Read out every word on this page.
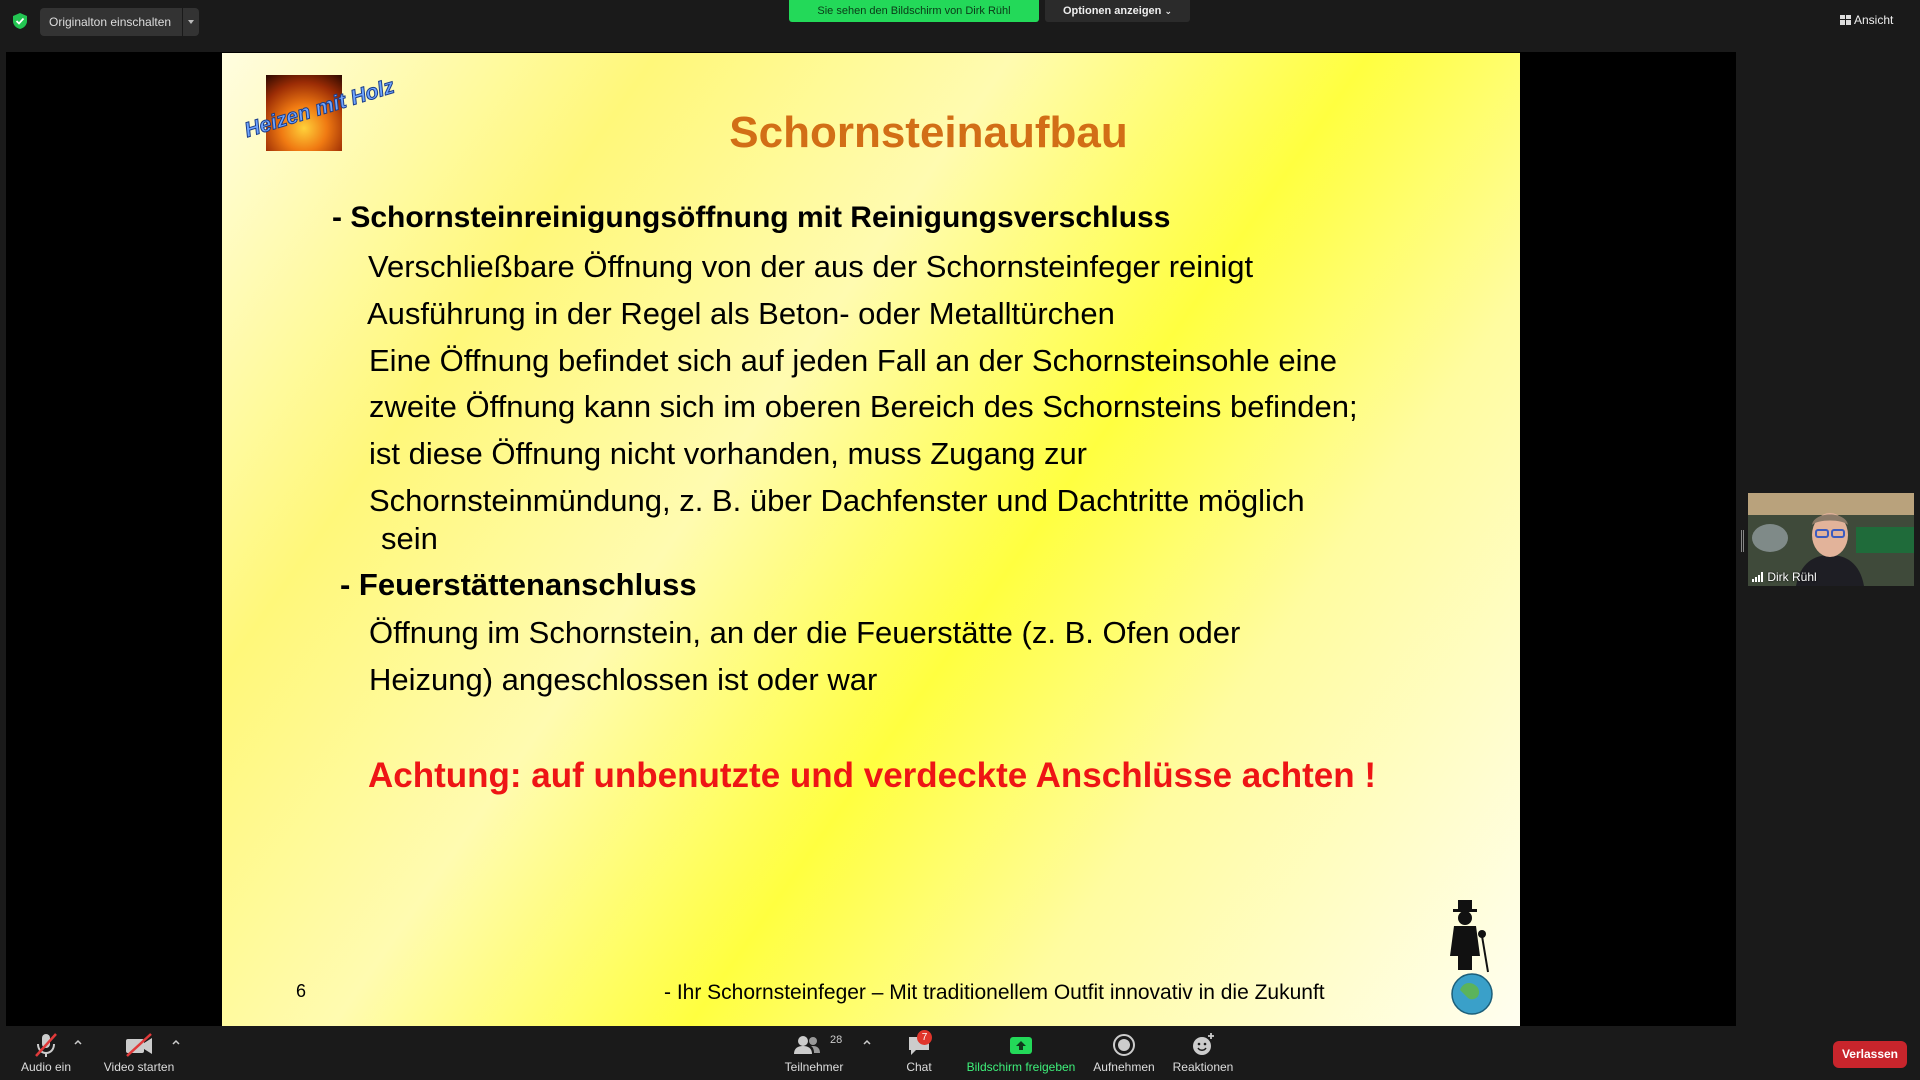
Originalton einschalten
Sie sehen den Bildschirm von Dirk Rühl	Optionen anzeigen ⌄
Ansicht
Heizen mit Holz	Schornsteinaufbau
- Schornsteinreinigungsöffnung mit Reinigungsverschluss
Verschließbare Öffnung von der aus der Schornsteinfeger reinigt
Ausführung in der Regel als Beton- oder Metalltürchen
Eine Öffnung befindet sich auf jeden Fall an der Schornsteinsohle eine
zweite Öffnung kann sich im oberen Bereich des Schornsteins befinden;
ist diese Öffnung nicht vorhanden, muss Zugang zur
Schornsteinmündung, z. B. über Dachfenster und Dachtritte möglich
sein
- Feuerstättenanschluss
Öffnung im Schornstein, an der die Feuerstätte (z. B. Ofen oder
Heizung) angeschlossen ist oder war
Achtung: auf unbenutzte und verdeckte Anschlüsse achten !
6	- Ihr Schornsteinfeger – Mit traditionellem Outfit innovativ in die Zukunft
Dirk Rühl
Audio ein	Video starten
28
Teilnehmer
7
Chat	Bildschirm freigeben	Aufnehmen	Reaktionen
Verlassen
